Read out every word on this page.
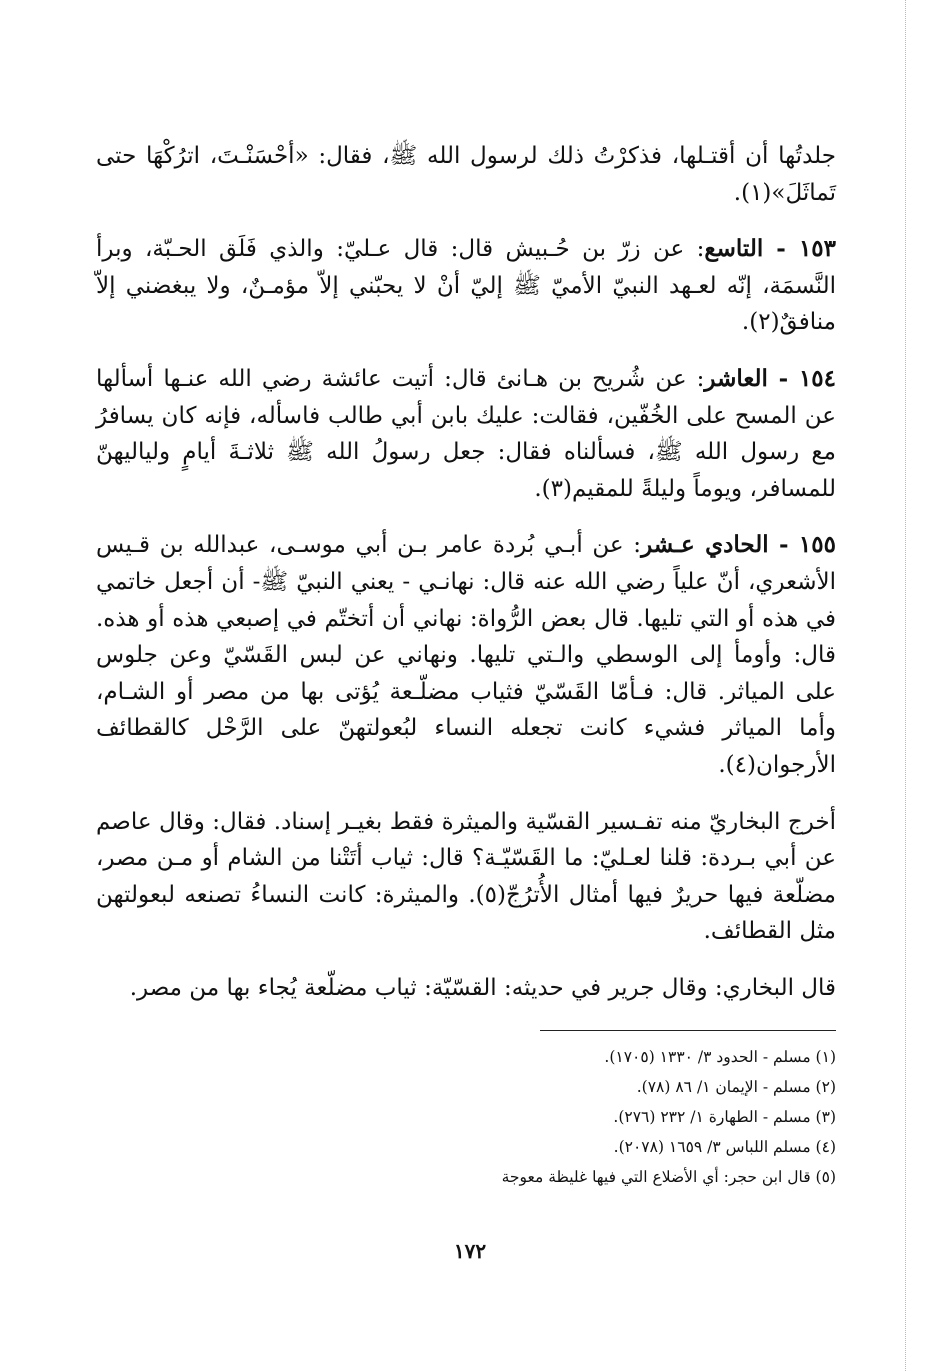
جلدتُها أن أقتـلها، فذكرْتُ ذلك لرسول الله ﷺ، فقال: «أحْسَنْـتَ، اترُكْهَا حتى تَماثَلَ»(١).

١٥٣ - التاسع: عن زرّ بن حُـبيش قال: قال عـليّ: والذي فَلَق الحـبّة، وبرأ النَّسمَة، إنّه لعـهد النبيّ الأميّ ﷺ إليّ أنْ لا يحبّني إلاّ مؤمـنٌ، ولا يبغضني إلاّ منافقٌ(٢).

١٥٤ - العاشر: عن شُريح بن هـانئ قال: أتيت عائشة رضي الله عنـها أسألها عن المسح على الخُفّين، فقالت: عليك بابن أبي طالب فاسأله، فإنه كان يسافرُ مع رسول الله ﷺ، فسألناه فقال: جعل رسولُ الله ﷺ ثلاثـةَ أيامٍ ولياليهنّ للمسافر، ويوماً وليلةً للمقيم(٣).

١٥٥ - الحادي عـشر: عن أبـي بُردة عامر بـن أبي موسـى، عبدالله بن قـيس الأشعري، أنّ علياً رضي الله عنه قال: نهانـي - يعني النبيّ ﷺ- أن أجعل خاتمي في هذه أو التي تليها. قال بعض الرُّواة: نهاني أن أتختّم في إصبعي هذه أو هذه. قال: وأومأ إلى الوسطي والـتي تليها. ونهاني عن لبس القَسّيّ وعن جلوس على المياثر. قال: فـأمّا القَسّيّ فثياب مضلّـعة يُؤتى بها من مصر أو الشـام، وأما المياثر فشيء كانت تجعله النساء لبُعولتهنّ على الرَّحْل كالقطائف الأرجوان(٤).

أخرج البخاريّ منه تفـسير القسّية والميثرة فقط بغيـر إسناد. فقال: وقال عاصم عن أبي بـردة: قلنا لعـليّ: ما القَسّيّـة؟ قال: ثياب أتَتْنا من الشام أو مـن مصر، مضلّعة فيها حريرٌ فيها أمثال الأُترُجّ(٥). والميثرة: كانت النساءُ تصنعه لبعولتهن مثل القطائف.

قال البخاري: وقال جرير في حديثه: القسّيّة: ثياب مضلّعة يُجاء بها من مصر.

(١) مسلم - الحدود ٣/ ١٣٣٠ (١٧٠٥).
(٢) مسلم - الإيمان ١/ ٨٦ (٧٨).
(٣) مسلم - الطهارة ١/ ٢٣٢ (٢٧٦).
(٤) مسلم اللباس ٣/ ١٦٥٩ (٢٠٧٨).
(٥) قال ابن حجر: أي الأضلاع التي فيها غليظة معوجة
١٧٢
